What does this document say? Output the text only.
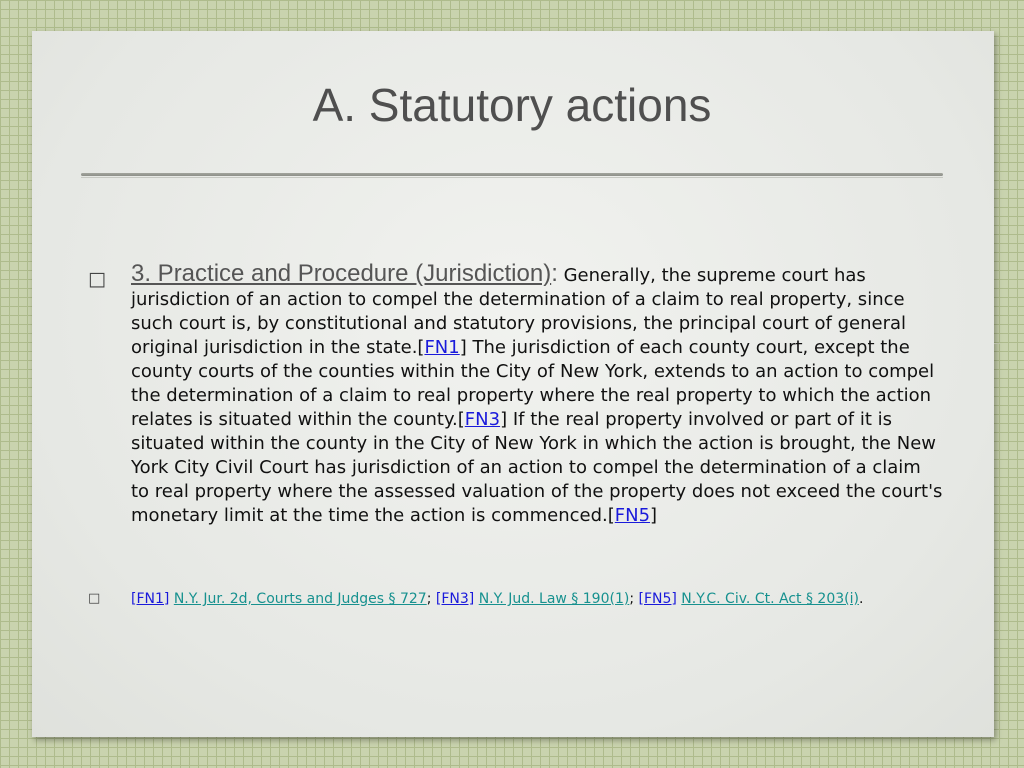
A. Statutory actions
□ 3. Practice and Procedure (Jurisdiction): Generally, the supreme court has jurisdiction of an action to compel the determination of a claim to real property, since such court is, by constitutional and statutory provisions, the principal court of general original jurisdiction in the state.[FN1] The jurisdiction of each county court, except the county courts of the counties within the City of New York, extends to an action to compel the determination of a claim to real property where the real property to which the action relates is situated within the county.[FN3] If the real property involved or part of it is situated within the county in the City of New York in which the action is brought, the New York City Civil Court has jurisdiction of an action to compel the determination of a claim to real property where the assessed valuation of the property does not exceed the court's monetary limit at the time the action is commenced.[FN5]
□ [FN1] N.Y. Jur. 2d, Courts and Judges § 727; [FN3] N.Y. Jud. Law § 190(1); [FN5] N.Y.C. Civ. Ct. Act § 203(i).
